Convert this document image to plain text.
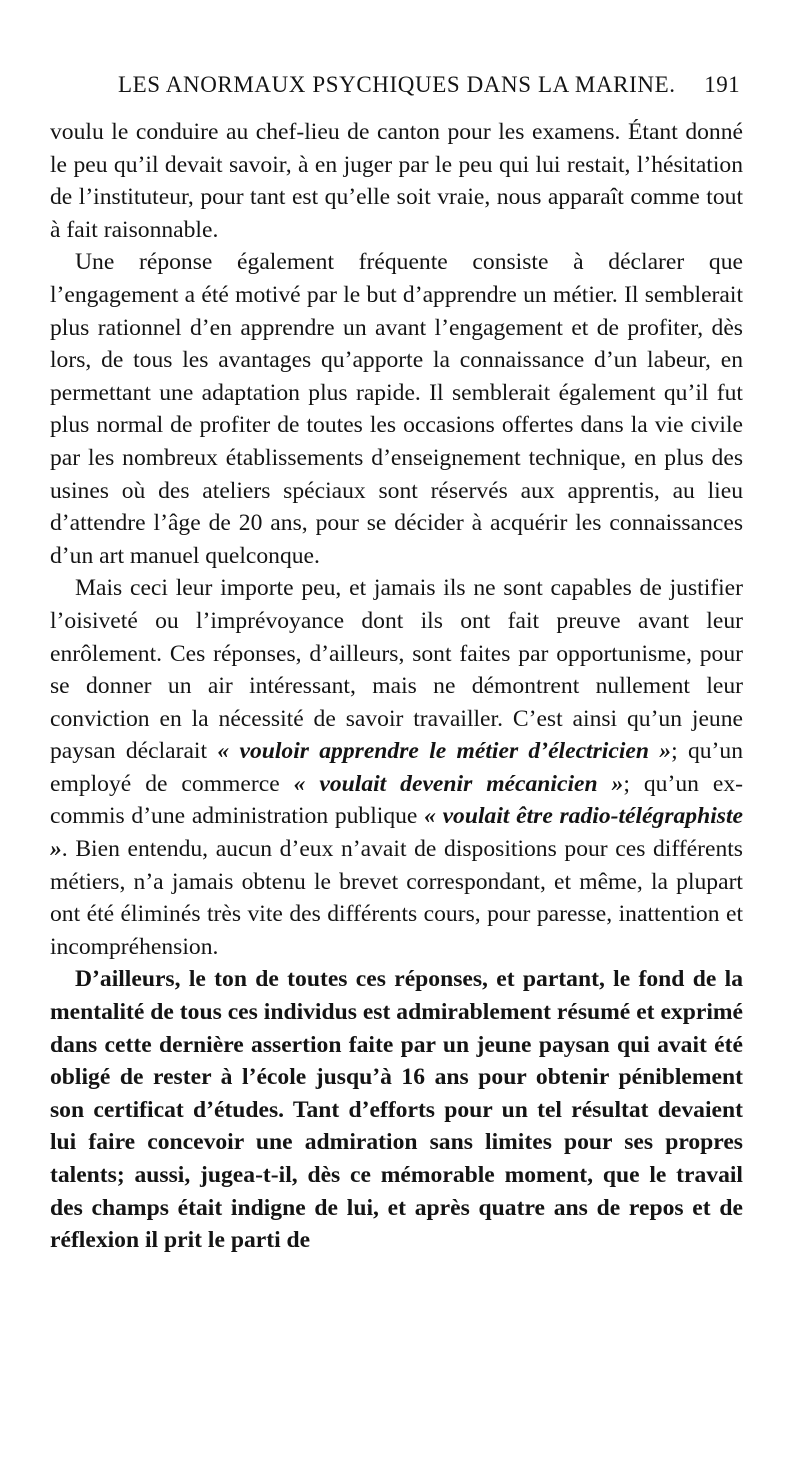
LES ANORMAUX PSYCHIQUES DANS LA MARINE. 191

voulu le conduire au chef-lieu de canton pour les examens. Étant donné le peu qu’il devait savoir, à en juger par le peu qui lui restait, l’hésitation de l’instituteur, pour tant est qu’elle soit vraie, nous apparaît comme tout à fait raisonnable.

Une réponse également fréquente consiste à déclarer que l’engagement a été motivé par le but d’apprendre un métier. Il semblerait plus rationnel d’en apprendre un avant l’engagement et de profiter, dès lors, de tous les avantages qu’apporte la connaissance d’un labeur, en permettant une adaptation plus rapide. Il semblerait également qu’il fut plus normal de profiter de toutes les occasions offertes dans la vie civile par les nombreux établissements d’enseignement technique, en plus des usines où des ateliers spéciaux sont réservés aux apprentis, au lieu d’attendre l’âge de 20 ans, pour se décider à acquérir les connaissances d’un art manuel quelconque.

Mais ceci leur importe peu, et jamais ils ne sont capables de justifier l’oisiveté ou l’imprévoyance dont ils ont fait preuve avant leur enrôlement. Ces réponses, d’ailleurs, sont faites par opportunisme, pour se donner un air intéressant, mais ne démontrent nullement leur conviction en la nécessité de savoir travailler. C’est ainsi qu’un jeune paysan déclarait « vouloir apprendre le métier d’électricien »; qu’un employé de commerce « voulait devenir mécanicien »; qu’un ex-commis d’une administration publique « voulait être radio-télégraphiste ». Bien entendu, aucun d’eux n’avait de dispositions pour ces différents métiers, n’a jamais obtenu le brevet correspondant, et même, la plupart ont été éliminés très vite des différents cours, pour paresse, inattention et incompréhension.

D’ailleurs, le ton de toutes ces réponses, et partant, le fond de la mentalité de tous ces individus est admirablement résumé et exprimé dans cette dernière assertion faite par un jeune paysan qui avait été obligé de rester à l’école jusqu’à 16 ans pour obtenir péniblement son certificat d’études. Tant d’efforts pour un tel résultat devaient lui faire concevoir une admiration sans limites pour ses propres talents; aussi, jugea-t-il, dès ce mémorable moment, que le travail des champs était indigne de lui, et après quatre ans de repos et de réflexion il prit le parti de
